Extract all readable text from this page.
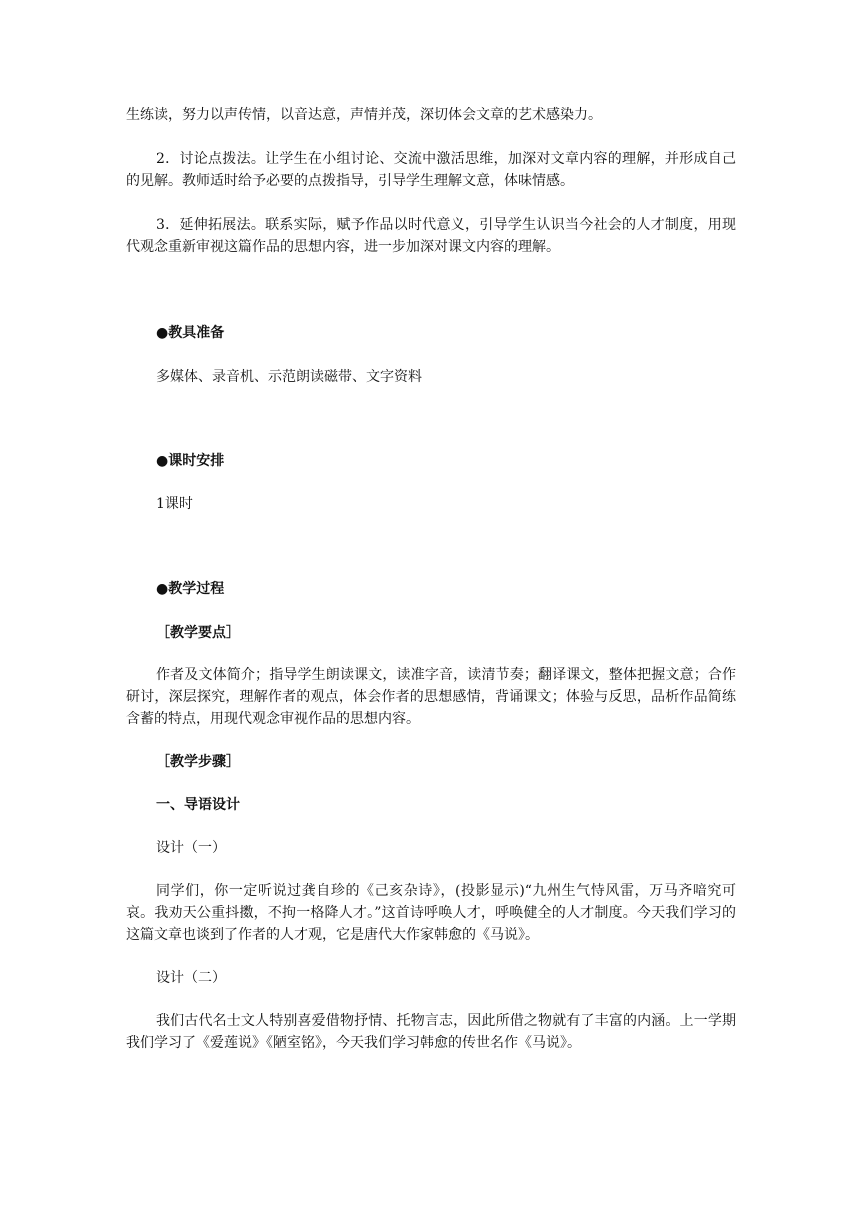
生练读，努力以声传情，以音达意，声情并茂，深切体会文章的艺术感染力。

2．讨论点拨法。让学生在小组讨论、交流中激活思维，加深对文章内容的理解，并形成自己的见解。教师适时给予必要的点拨指导，引导学生理解文意，体味情感。

3．延伸拓展法。联系实际，赋予作品以时代意义，引导学生认识当今社会的人才制度，用现代观念重新审视这篇作品的思想内容，进一步加深对课文内容的理解。

●教具准备

多媒体、录音机、示范朗读磁带、文字资料

●课时安排

1课时

●教学过程

［教学要点］

作者及文体简介；指导学生朗读课文，读准字音，读清节奏；翻译课文，整体把握文意；合作研讨，深层探究，理解作者的观点，体会作者的思想感情，背诵课文；体验与反思，品析作品简练含蓄的特点，用现代观念审视作品的思想内容。

［教学步骤］

一、导语设计

设计（一）

同学们，你一定听说过龚自珍的《己亥杂诗》，(投影显示)“九州生气恃风雷，万马齐喑究可哀。我劝天公重抖擞，不拘一格降人才。”这首诗呼唤人才，呼唤健全的人才制度。今天我们学习的这篇文章也谈到了作者的人才观，它是唐代大作家韩愈的《马说》。

设计（二）

我们古代名士文人特别喜爱借物抒情、托物言志，因此所借之物就有了丰富的内涵。上一学期我们学习了《爱莲说》《陋室铭》，今天我们学习韩愈的传世名作《马说》。
